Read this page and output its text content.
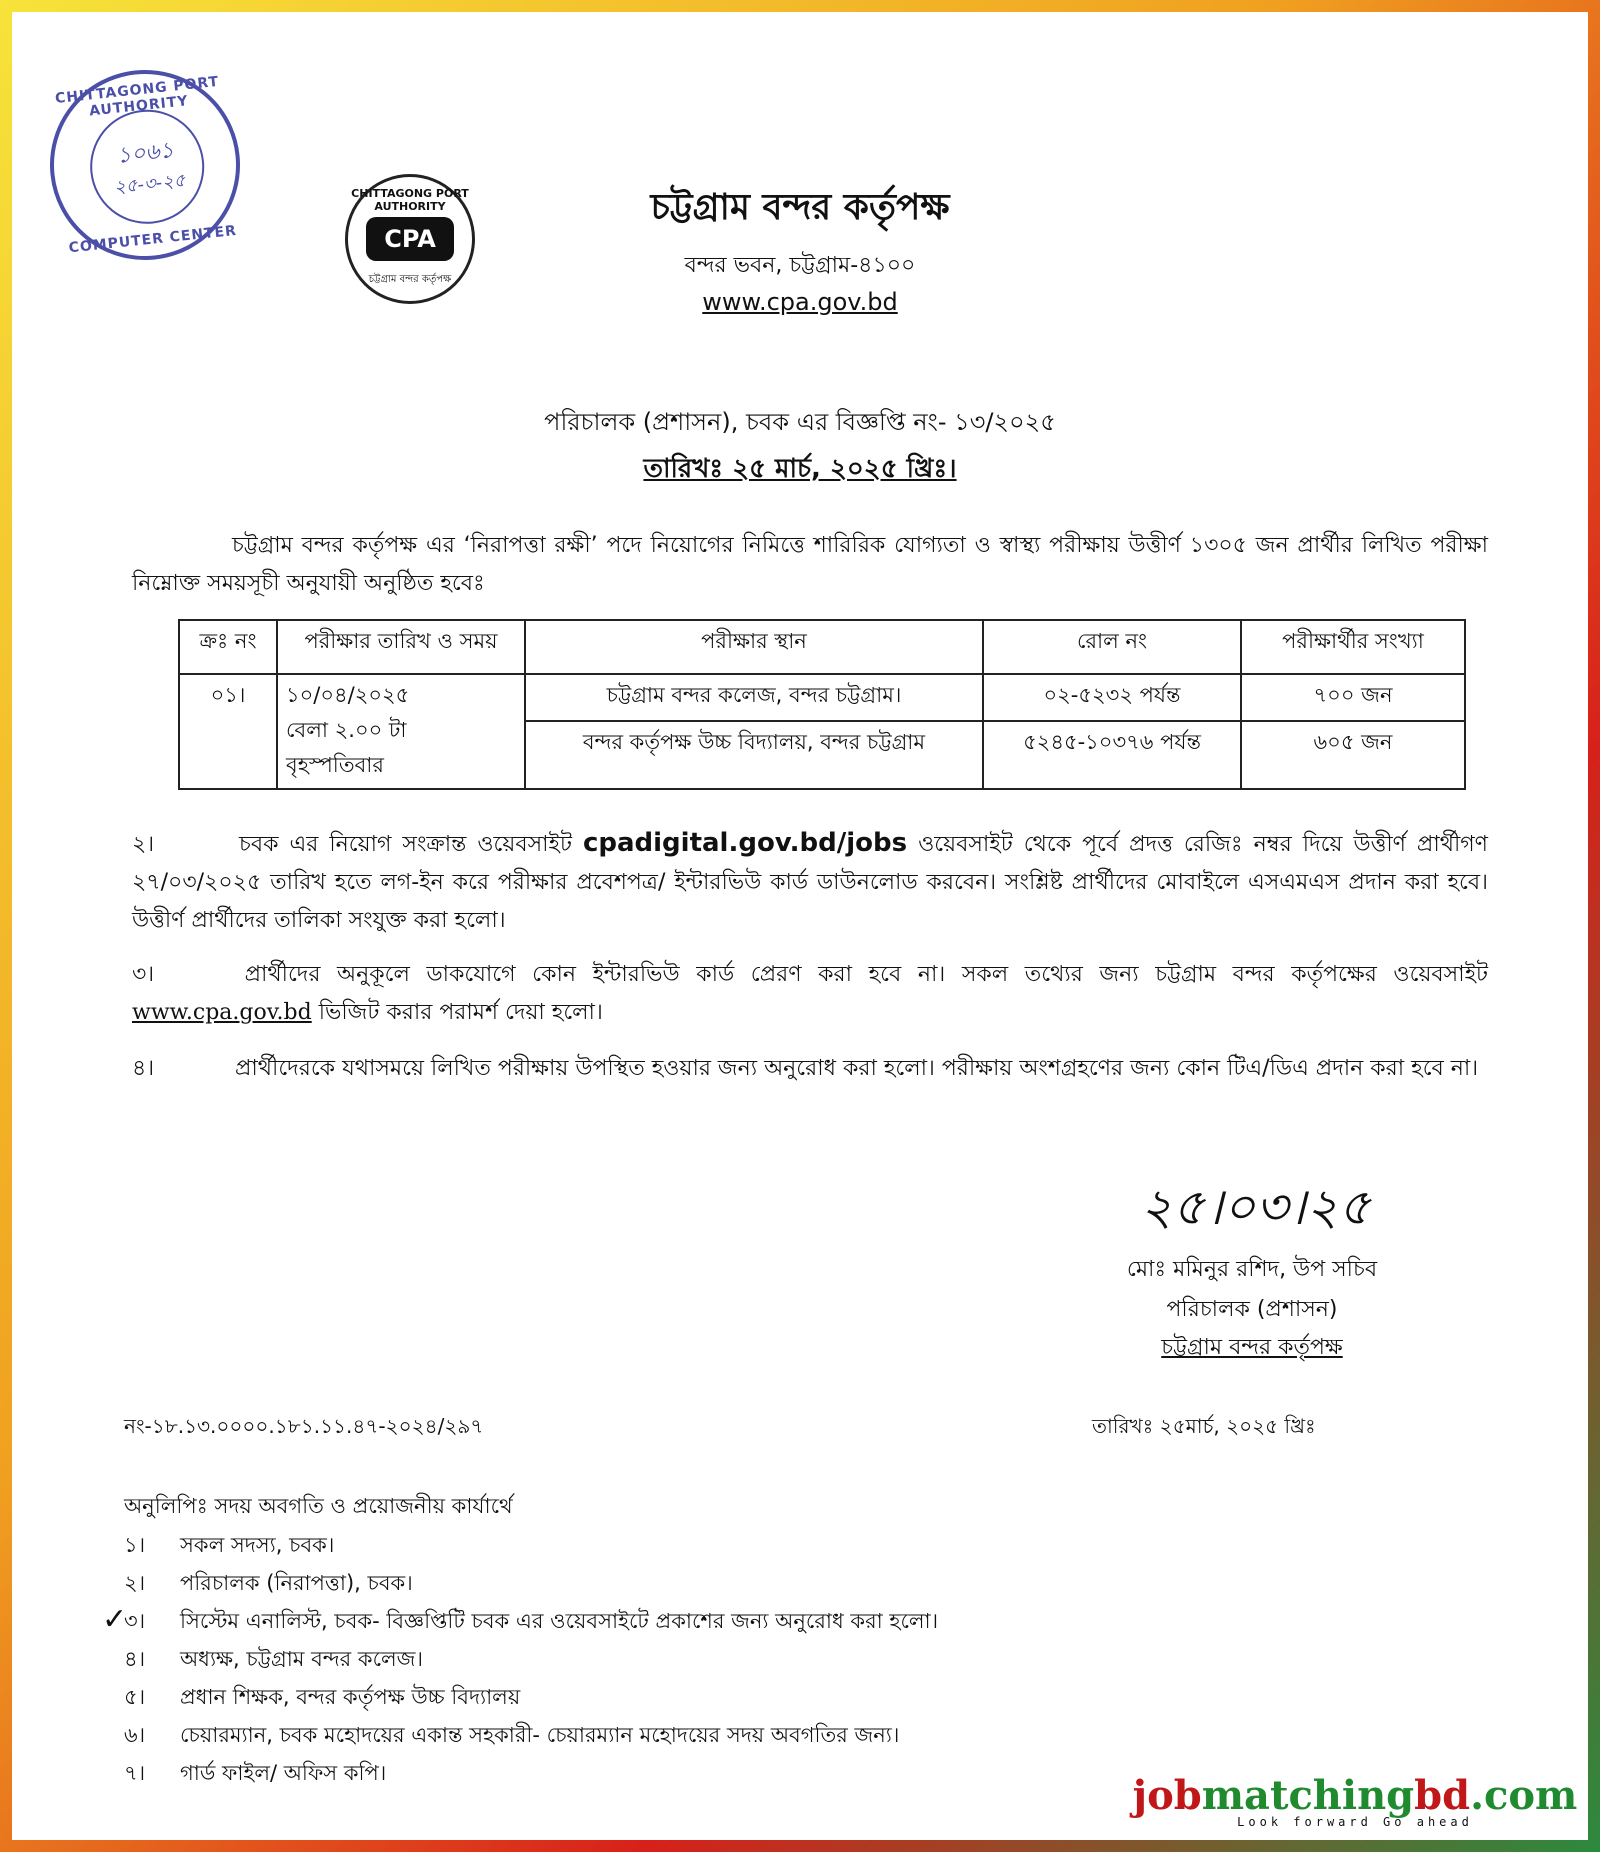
CHITTAGONG PORT AUTHORITY
১০৬১
২৫-৩-২৫
COMPUTER CENTER
CHITTAGONG PORT AUTHORITY
CPA
চট্টগ্রাম বন্দর কর্তৃপক্ষ
চট্টগ্রাম বন্দর কর্তৃপক্ষ
বন্দর ভবন, চট্টগ্রাম-৪১০০
www.cpa.gov.bd
পরিচালক (প্রশাসন), চবক এর বিজ্ঞপ্তি নং- ১৩/২০২৫
তারিখঃ ২৫ মার্চ, ২০২৫ খ্রিঃ।
চট্টগ্রাম বন্দর কর্তৃপক্ষ এর ‘নিরাপত্তা রক্ষী’ পদে নিয়োগের নিমিত্তে শারিরিক যোগ্যতা ও স্বাস্থ্য পরীক্ষায় উত্তীর্ণ ১৩০৫ জন প্রার্থীর লিখিত পরীক্ষা নিম্নোক্ত সময়সূচী অনুযায়ী অনুষ্ঠিত হবেঃ
ক্রঃ নং	পরীক্ষার তারিখ ও সময়	পরীক্ষার স্থান	রোল নং	পরীক্ষার্থীর সংখ্যা
০১।	১০/০৪/২০২৫
বেলা ২.০০ টা
বৃহস্পতিবার	চট্টগ্রাম বন্দর কলেজ, বন্দর চট্টগ্রাম।	০২-৫২৩২ পর্যন্ত	৭০০ জন
		বন্দর কর্তৃপক্ষ উচ্চ বিদ্যালয়, বন্দর চট্টগ্রাম	৫২৪৫-১০৩৭৬ পর্যন্ত	৬০৫ জন
২।	চবক এর নিয়োগ সংক্রান্ত ওয়েবসাইট cpadigital.gov.bd/jobs ওয়েবসাইট থেকে পূর্বে প্রদত্ত রেজিঃ নম্বর দিয়ে উত্তীর্ণ প্রার্থীগণ ২৭/০৩/২০২৫ তারিখ হতে লগ-ইন করে পরীক্ষার প্রবেশপত্র/ ইন্টারভিউ কার্ড ডাউনলোড করবেন। সংশ্লিষ্ট প্রার্থীদের মোবাইলে এসএমএস প্রদান করা হবে। উত্তীর্ণ প্রার্থীদের তালিকা সংযুক্ত করা হলো।
৩।	প্রার্থীদের অনুকূলে ডাকযোগে কোন ইন্টারভিউ কার্ড প্রেরণ করা হবে না। সকল তথ্যের জন্য চট্টগ্রাম বন্দর কর্তৃপক্ষের ওয়েবসাইট www.cpa.gov.bd ভিজিট করার পরামর্শ দেয়া হলো।
৪।	প্রার্থীদেরকে যথাসময়ে লিখিত পরীক্ষায় উপস্থিত হওয়ার জন্য অনুরোধ করা হলো। পরীক্ষায় অংশগ্রহণের জন্য কোন টিএ/ডিএ প্রদান করা হবে না।
২৫।০৩।২৫
মোঃ মমিনুর রশিদ, উপ সচিব
পরিচালক (প্রশাসন)
চট্টগ্রাম বন্দর কর্তৃপক্ষ
নং-১৮.১৩.০০০০.১৮১.১১.৪৭-২০২৪/২৯৭	তারিখঃ ২৫মার্চ, ২০২৫ খ্রিঃ
অনুলিপিঃ সদয় অবগতি ও প্রয়োজনীয় কার্যার্থে
✓
১। সকল সদস্য, চবক।
২। পরিচালক (নিরাপত্তা), চবক।
৩। সিস্টেম এনালিস্ট, চবক- বিজ্ঞপ্তিটি চবক এর ওয়েবসাইটে প্রকাশের জন্য অনুরোধ করা হলো।
৪। অধ্যক্ষ, চট্টগ্রাম বন্দর কলেজ।
৫। প্রধান শিক্ষক, বন্দর কর্তৃপক্ষ উচ্চ বিদ্যালয়
৬। চেয়ারম্যান, চবক মহোদয়ের একান্ত সহকারী- চেয়ারম্যান মহোদয়ের সদয় অবগতির জন্য।
৭। গার্ড ফাইল/ অফিস কপি।	jobmatchingbd.com
Look forward Go ahead
